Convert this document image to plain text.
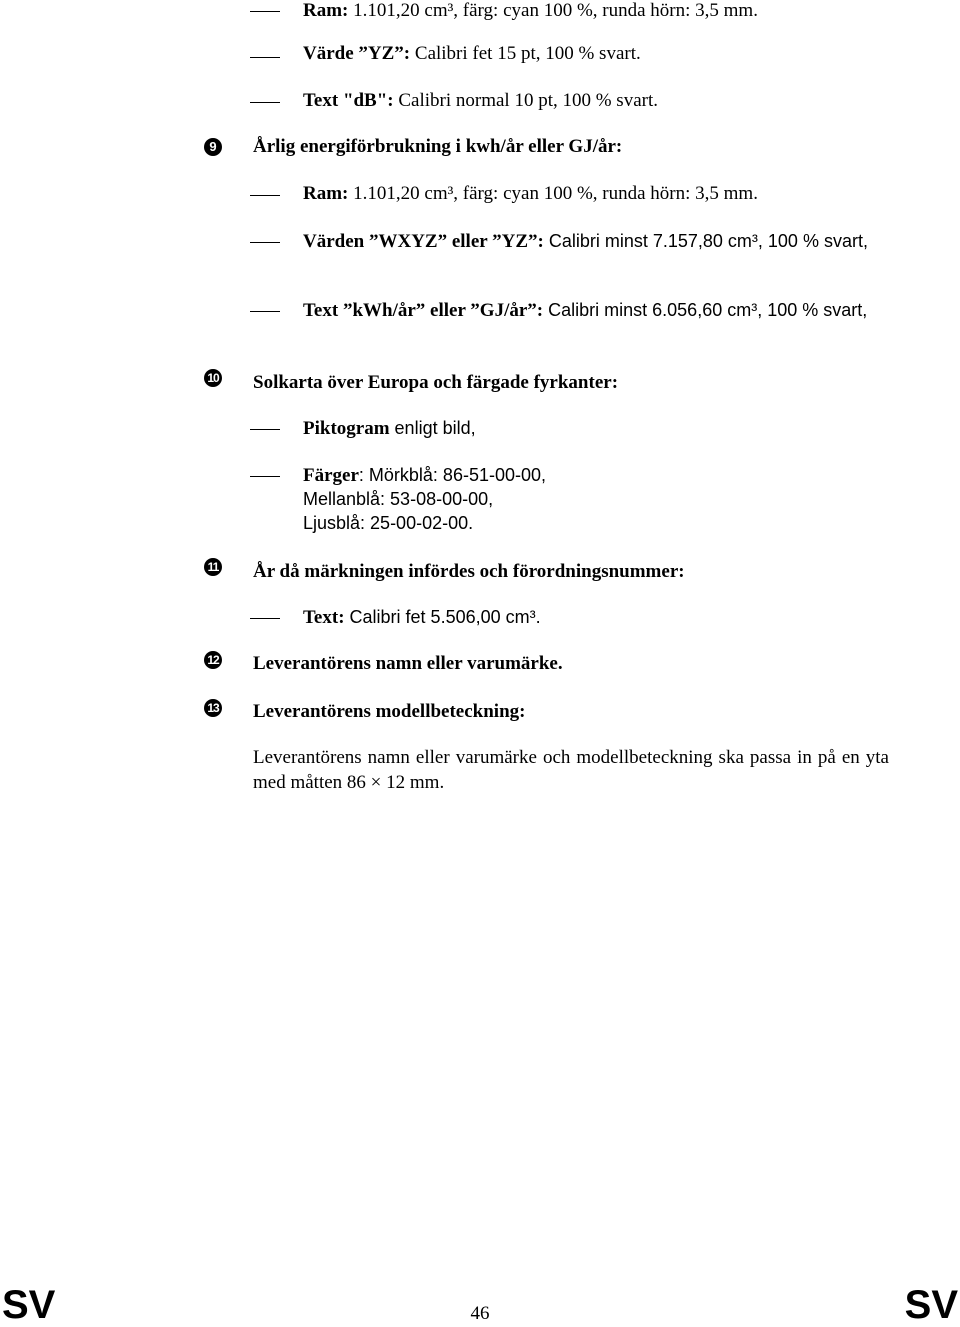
Ram: 1.101,20 cm³, färg: cyan 100 %, runda hörn: 3,5 mm.
Värde ”YZ”: Calibri fet 15 pt, 100 % svart.
Text "dB": Calibri normal 10 pt, 100 % svart.
9 Årlig energiförbrukning i kwh/år eller GJ/år:
Ram: 1.101,20 cm³, färg: cyan 100 %, runda hörn: 3,5 mm.
Värden ”WXYZ” eller ”YZ”: Calibri minst 7.157,80 cm³, 100 % svart,
Text ”kWh/år” eller ”GJ/år”: Calibri minst 6.056,60 cm³, 100 % svart,
10 Solkarta över Europa och färgade fyrkanter:
Piktogram enligt bild,
Färger: Mörkblå: 86-51-00-00,
Mellanblå: 53-08-00-00,
Ljusblå: 25-00-02-00.
11 År då märkningen infördes och förordningsnummer:
Text: Calibri fet 5.506,00 cm³.
12 Leverantörens namn eller varumärke.
13 Leverantörens modellbeteckning:
Leverantörens namn eller varumärke och modellbeteckning ska passa in på en yta med måtten 86 × 12 mm.
SV	46	SV
